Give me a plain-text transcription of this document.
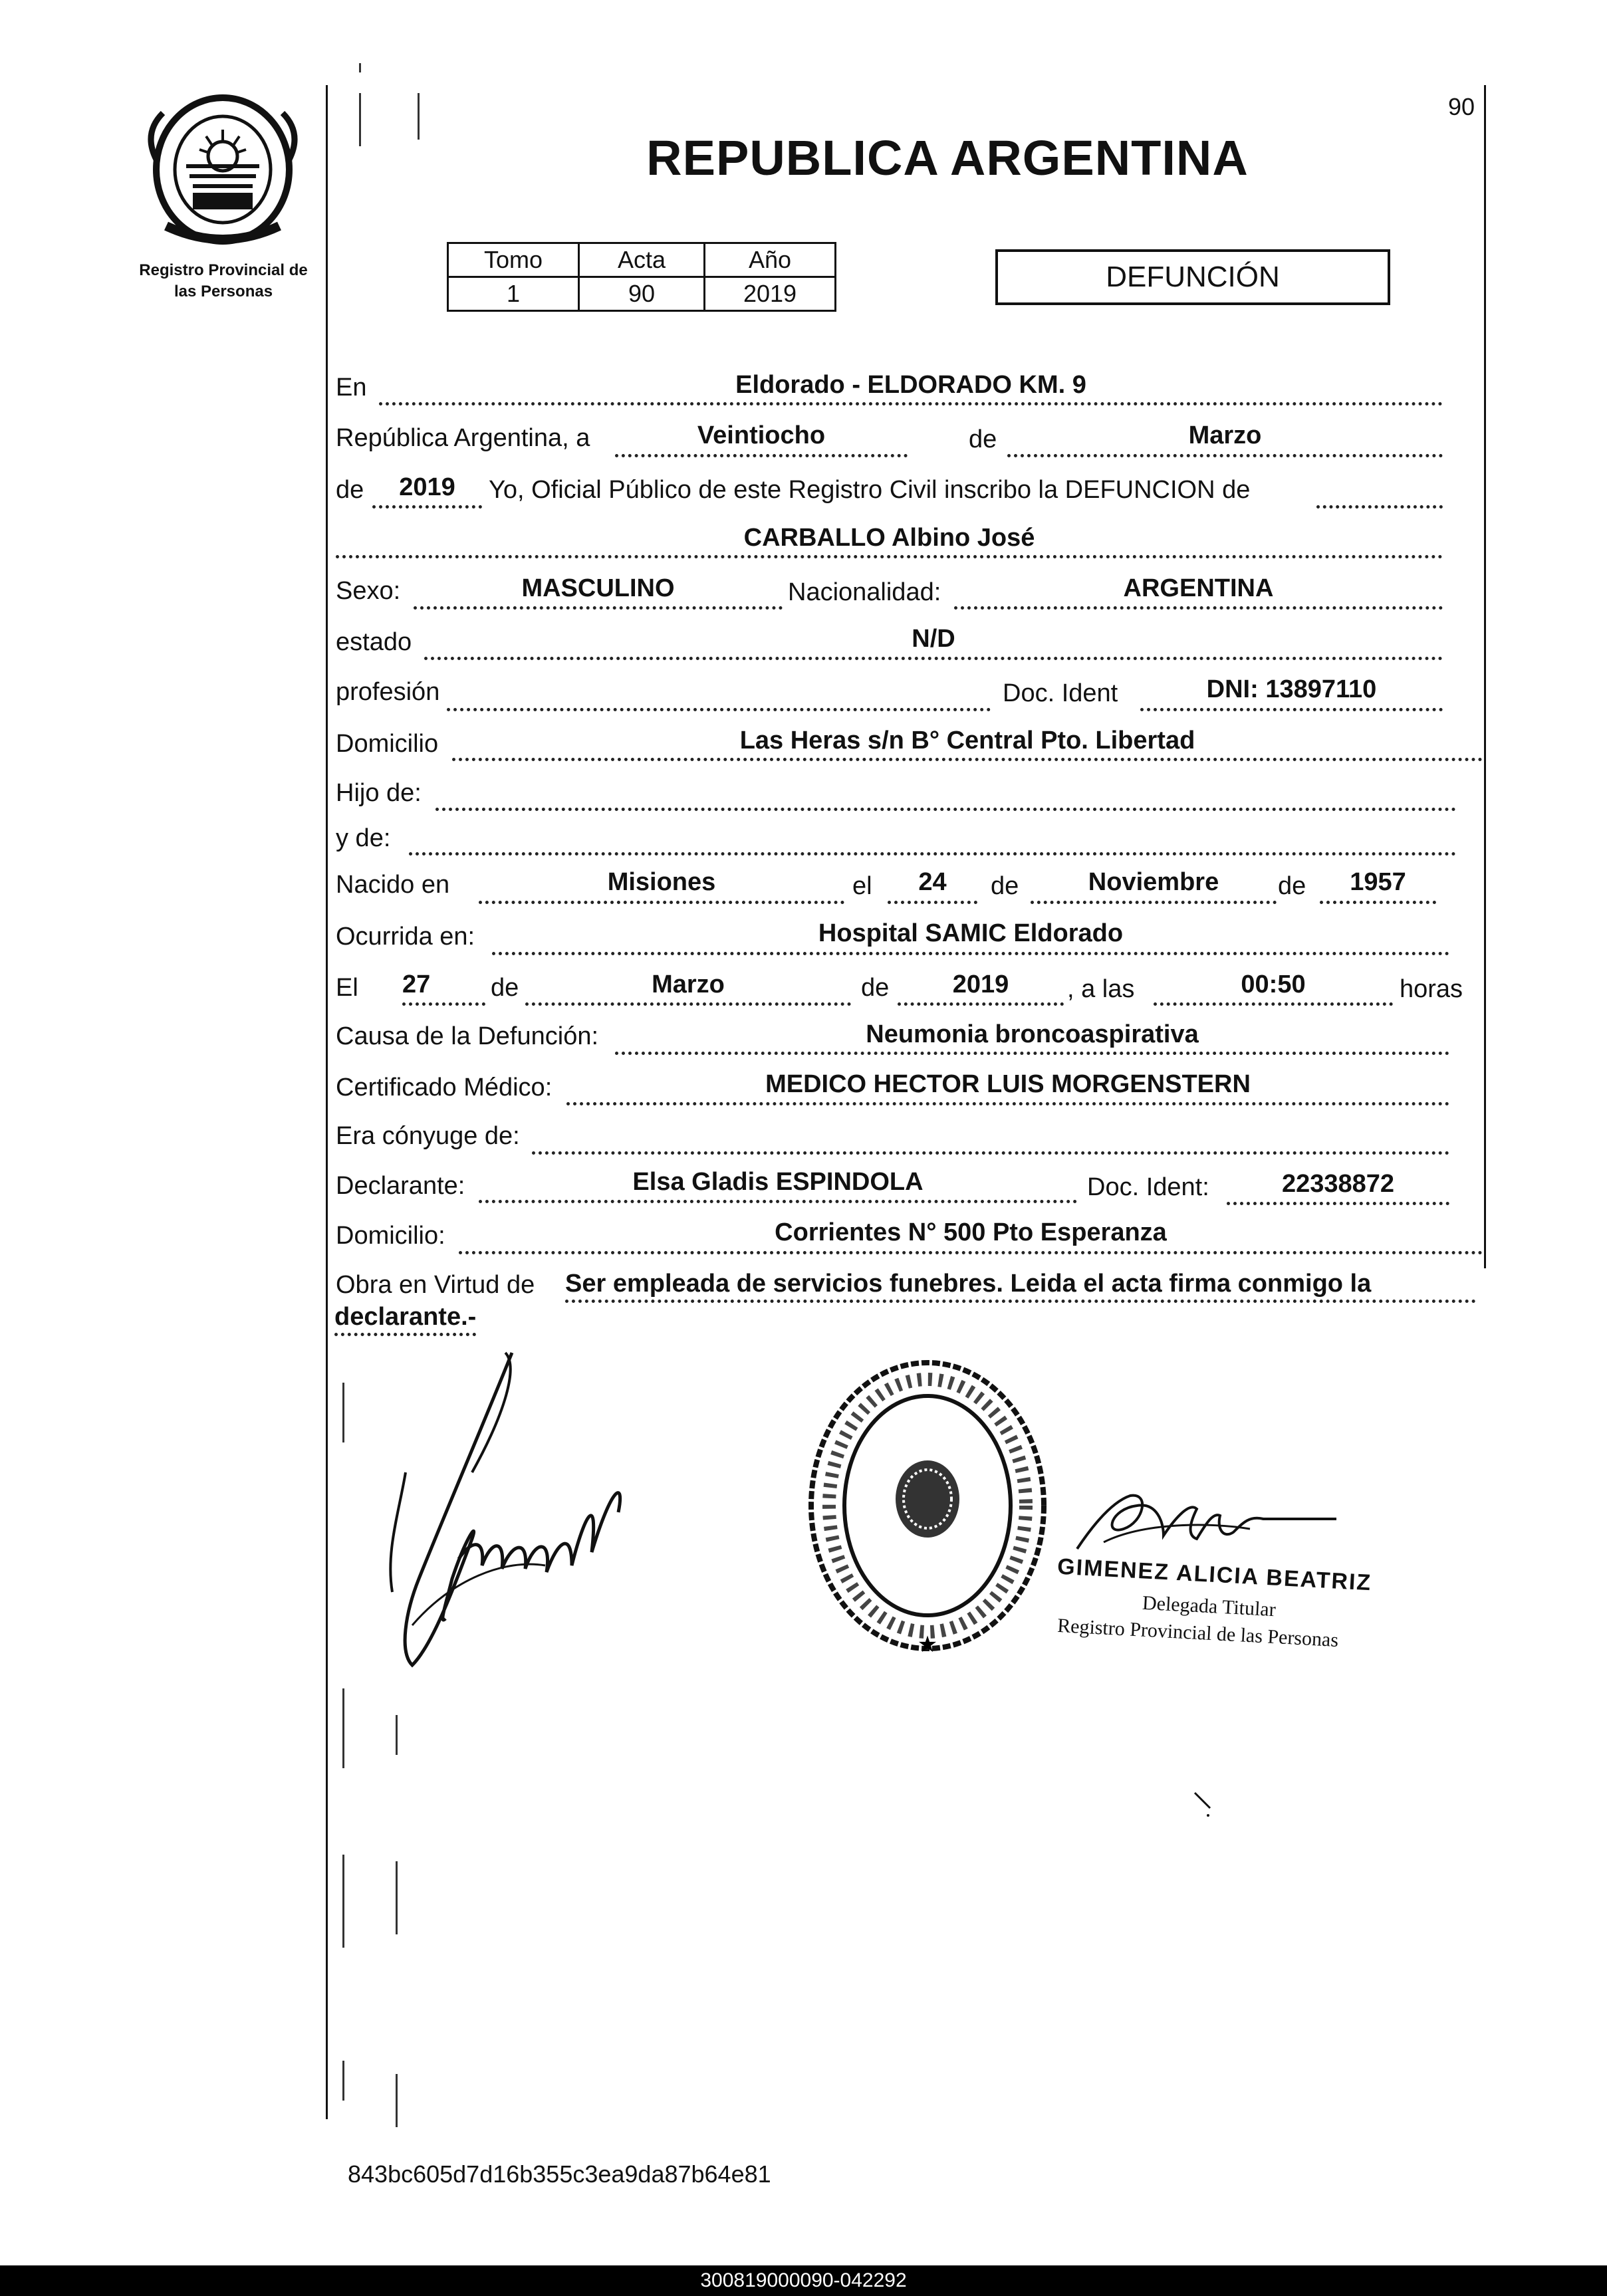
90
Registro Provincial de
las Personas
REPUBLICA ARGENTINA
Tomo	Acta	Año
1	90	2019
DEFUNCIÓN
En	Eldorado - ELDORADO KM. 9
República Argentina, a	Veintiocho	de	Marzo
de	2019	Yo, Oficial Público de este Registro Civil inscribo la DEFUNCION de
CARBALLO Albino José
Sexo:	MASCULINO	Nacionalidad:	ARGENTINA
estado	N/D
profesión	Doc. Ident	DNI: 13897110
Domicilio	Las Heras s/n B° Central Pto. Libertad
Hijo de:
y de:
Nacido en	Misiones	el	24	de	Noviembre	de	1957
Ocurrida en:	Hospital SAMIC Eldorado
El 27	de	Marzo	de	2019	, a las	00:50	horas
Causa de la Defunción:	Neumonia broncoaspirativa
Certificado Médico:	MEDICO HECTOR LUIS MORGENSTERN
Era cónyuge de:
Declarante:	Elsa Gladis ESPINDOLA	Doc. Ident:	22338872
Domicilio:	Corrientes N° 500 Pto Esperanza
Obra en Virtud de Ser empleada de servicios funebres. Leida el acta firma conmigo la
declarante.-
★
GIMENEZ ALICIA BEATRIZ
Delegada Titular
Registro Provincial de las Personas
843bc605d7d16b355c3ea9da87b64e81
300819000090-042292
